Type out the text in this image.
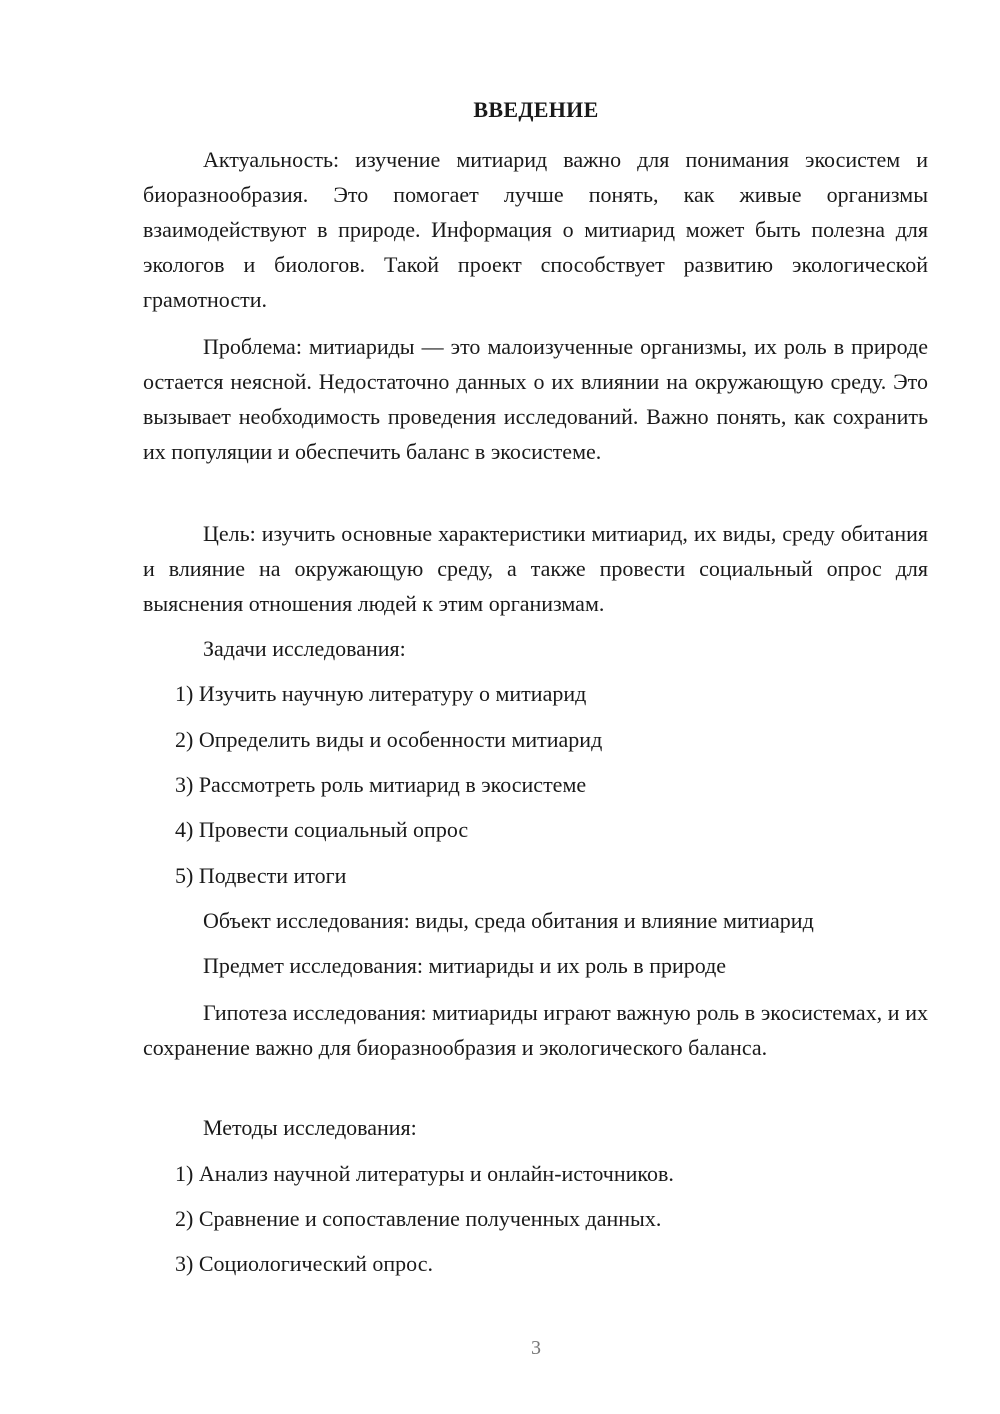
ВВЕДЕНИЕ

Актуальность: изучение митиарид важно для понимания экосистем и биоразнообразия. Это помогает лучше понять, как живые организмы взаимодействуют в природе. Информация о митиарид может быть полезна для экологов и биологов. Такой проект способствует развитию экологической грамотности.

Проблема: митиариды — это малоизученные организмы, их роль в природе остается неясной. Недостаточно данных о их влиянии на окружающую среду. Это вызывает необходимость проведения исследований. Важно понять, как сохранить их популяции и обеспечить баланс в экосистеме.

Цель: изучить основные характеристики митиарид, их виды, среду обитания и влияние на окружающую среду, а также провести социальный опрос для выяснения отношения людей к этим организмам.

Задачи исследования:
1) Изучить научную литературу о митиарид
2) Определить виды и особенности митиарид
3) Рассмотреть роль митиарид в экосистеме
4) Провести социальный опрос
5) Подвести итоги
Объект исследования: виды, среда обитания и влияние митиарид
Предмет исследования: митиариды и их роль в природе

Гипотеза исследования: митиариды играют важную роль в экосистемах, и их сохранение важно для биоразнообразия и экологического баланса.

Методы исследования:
1) Анализ научной литературы и онлайн-источников.
2) Сравнение и сопоставление полученных данных.
3) Социологический опрос.
3
